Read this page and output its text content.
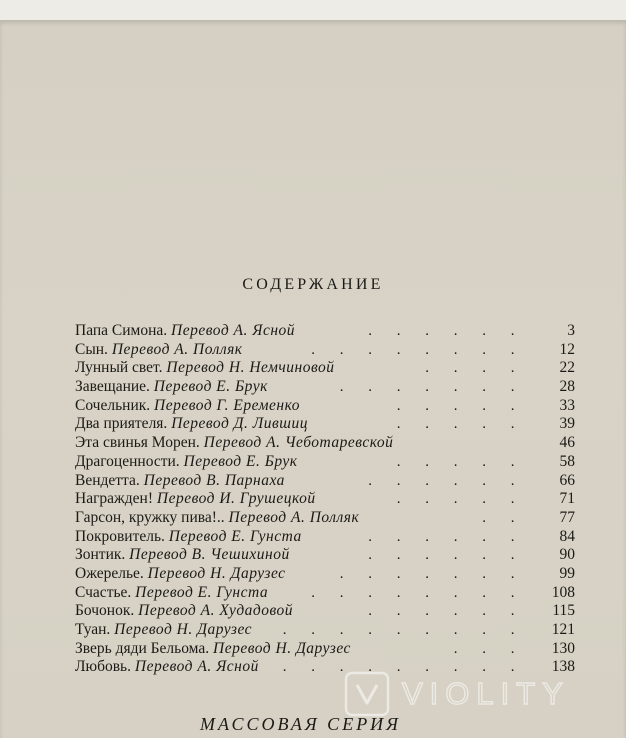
СОДЕРЖАНИЕ
. . . . . .
Папа Симона. Перевод А. Ясной	3
. . . . . . . .
Сын. Перевод А. Полляк	12
. . . .
Лунный свет. Перевод Н. Немчиновой	22
. . . . . . .
Завещание. Перевод Е. Брук	28
. . . . .
Сочельник. Перевод Г. Еременко	33
. . . . .
Два приятеля. Перевод Д. Лившиц	39
Эта свинья Морен. Перевод А. Чеботаревской	46
. . . . .
Драгоценности. Перевод Е. Брук	58
. . . . . .
Вендетта. Перевод В. Парнаха	66
. . . . .
Награжден! Перевод И. Грушецкой	71
. .
Гарсон, кружку пива!.. Перевод А. Полляк	77
. . . . . .
Покровитель. Перевод Е. Гунста	84
. . . . . .
Зонтик. Перевод В. Чешихиной	90
. . . . . . .
Ожерелье. Перевод Н. Дарузес	99
. . . . . . . .
Счастье. Перевод Е. Гунста	108
. . . . . .
Бочонок. Перевод А. Худадовой	115
. . . . . . . . .
Туан. Перевод Н. Дарузес	121
. . .
Зверь дяди Бельома. Перевод Н. Дарузес	130
. . . . . . . . .
Любовь. Перевод А. Ясной	138

МАССОВАЯ СЕРИЯ

VIOLITY
